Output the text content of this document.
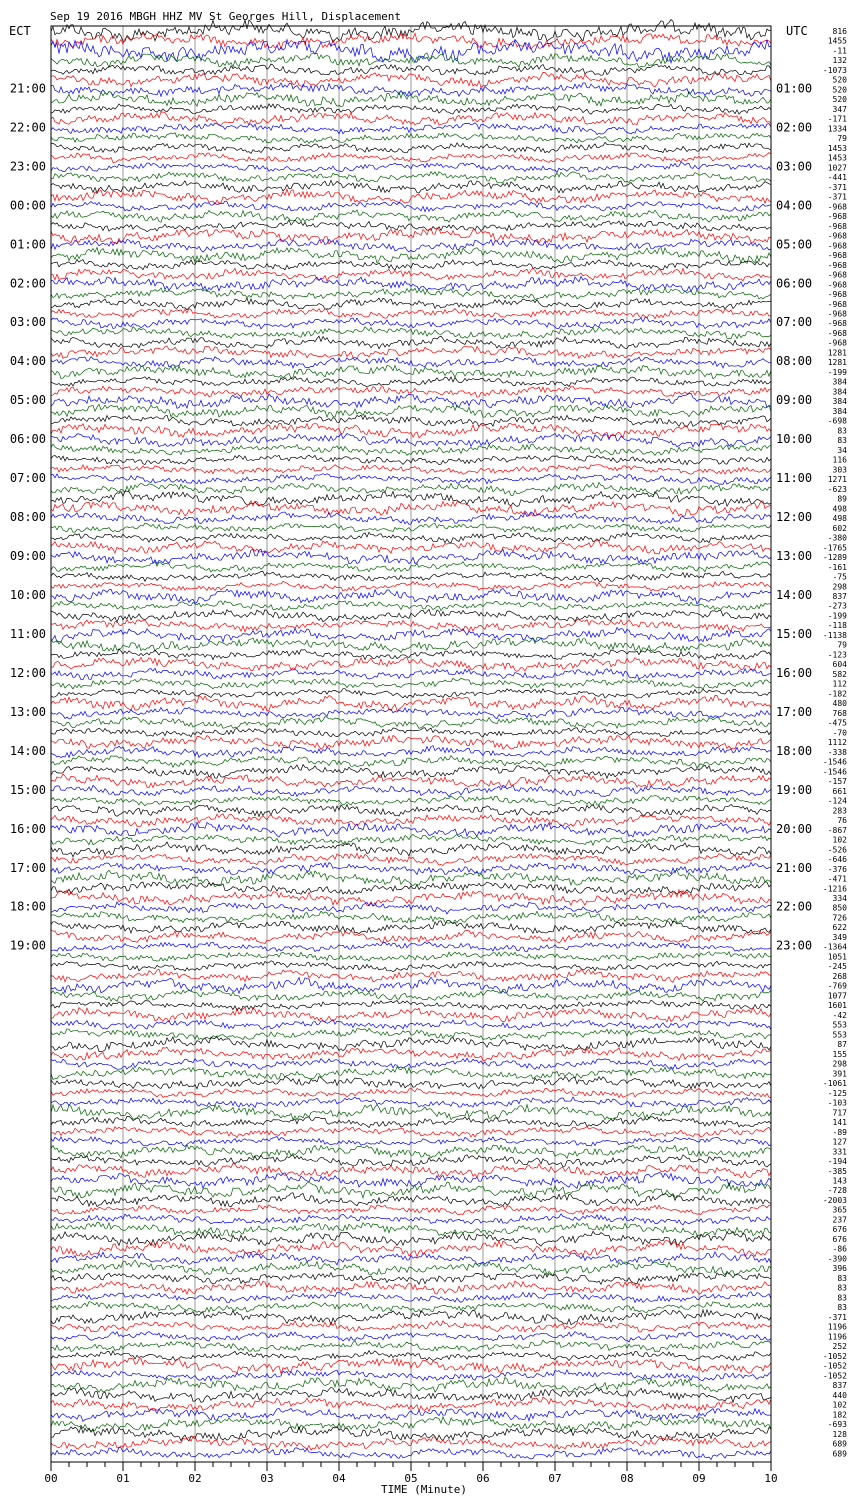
Sep 19 2016 MBGH HHZ MV St Georges Hill, Displacement
ECT	UTC
TIME (Minute)
00	01	02	03	04	05	06	07	08	09	10
21:00
22:00
23:00
00:00
01:00
02:00
03:00
04:00
05:00
06:00
07:00
08:00
09:00
10:00
11:00
12:00
13:00
14:00
15:00
16:00
17:00
18:00
19:00
01:00
02:00
03:00
04:00
05:00
06:00
07:00
08:00
09:00
10:00
11:00
12:00
13:00
14:00
15:00
16:00
17:00
18:00
19:00
20:00
21:00
22:00
23:00
816
1455
-11
132
-1073
520
520
520
347
-171
1334
79
1453
1453
1027
-441
-371
-371
-968
-968
-968
-968
-968
-968
-968
-968
-968
-968
-968
-968
-968
-968
-968
1281
1281
-199
384
384
384
384
-698
83
83
34
116
303
1271
-623
89
498
498
602
-380
-1765
-1289
-161
-75
298
837
-273
-199
-118
-1138
79
-123
604
582
112
-182
480
768
-475
-70
1112
-338
-1546
-1546
-157
661
-124
283
76
-867
102
-526
-646
-376
-471
-1216
334
850
726
622
349
-1364
1051
-245
268
-769
1077
1601
-42
553
553
87
155
298
391
-1061
-125
-103
717
141
-89
127
331
-194
-385
143
-728
-2003
365
237
676
676
-86
-390
396
83
83
83
83
-371
1196
1196
252
-1052
-1052
-1052
837
440
102
182
-693
128
689
689
